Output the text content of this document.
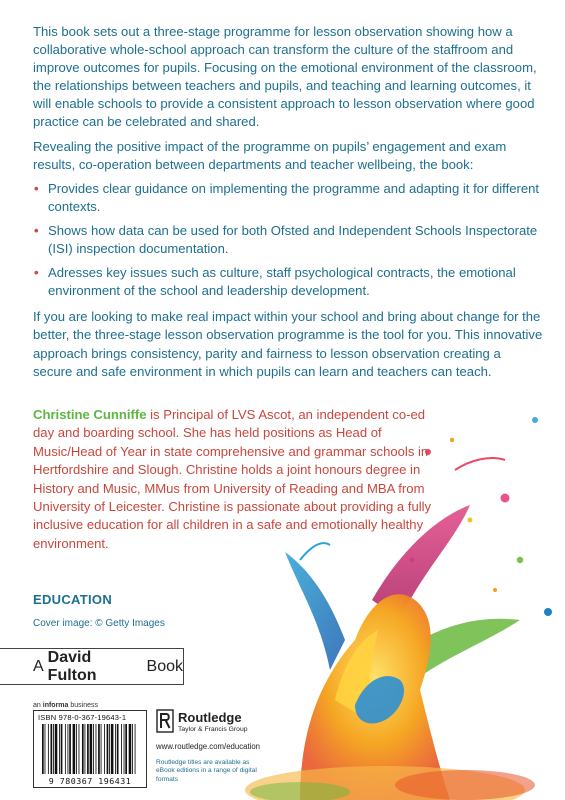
This book sets out a three-stage programme for lesson observation showing how a collaborative whole-school approach can transform the culture of the staffroom and improve outcomes for pupils. Focusing on the emotional environment of the classroom, the relationships between teachers and pupils, and teaching and learning outcomes, it will enable schools to provide a consistent approach to lesson observation where good practice can be celebrated and shared.

Revealing the positive impact of the programme on pupils’ engagement and exam results, co-operation between departments and teacher wellbeing, the book:

• Provides clear guidance on implementing the programme and adapting it for different contexts.
• Shows how data can be used for both Ofsted and Independent Schools Inspectorate (ISI) inspection documentation.
• Adresses key issues such as culture, staff psychological contracts, the emotional environment of the school and leadership development.

If you are looking to make real impact within your school and bring about change for the better, the three-stage lesson observation programme is the tool for you. This innovative approach brings consistency, parity and fairness to lesson observation creating a secure and safe environment in which pupils can learn and teachers can teach.

Christine Cunniffe is Principal of LVS Ascot, an independent co-ed day and boarding school. She has held positions as Head of Music/Head of Year in state comprehensive and grammar schools in Hertfordshire and Slough. Christine holds a joint honours degree in History and Music, MMus from University of Reading and MBA from University of Leicester. Christine is passionate about providing a fully inclusive education for all children in a safe and emotionally healthy environment.
EDUCATION
Cover image: © Getty Images
A
David Fulton
Book
an informa business
ISBN 978-0-367-19643-1
9 780367 196431
Routledge
Taylor & Francis Group
www.routledge.com/education
Routledge titles are available as eBook editions in a range of digital formats
